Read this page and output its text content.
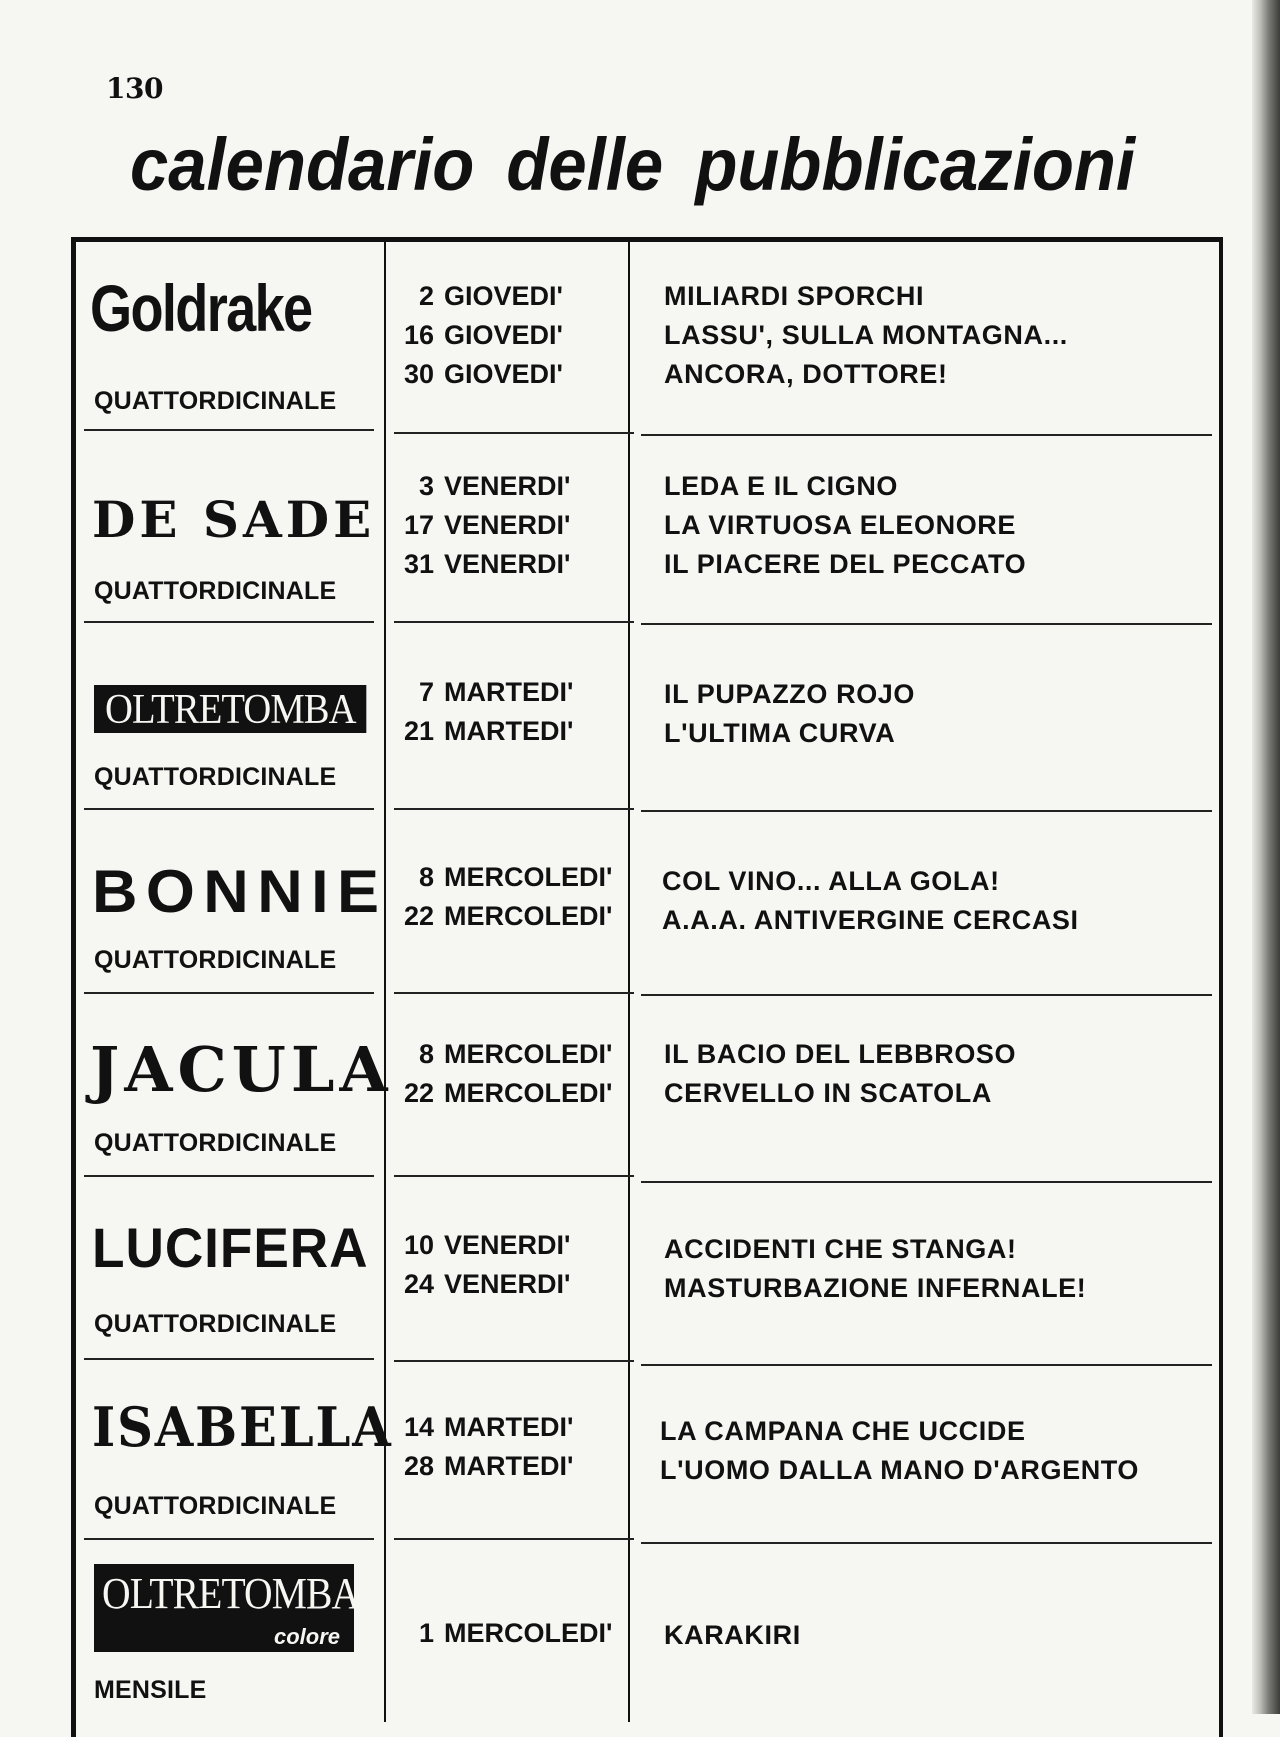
130
calendario delle pubblicazioni
Goldrake
QUATTORDICINALE
2 GIOVEDI'
16 GIOVEDI'
30 GIOVEDI'
MILIARDI SPORCHI
LASSU', SULLA MONTAGNA...
ANCORA, DOTTORE!
DE SADE
QUATTORDICINALE
3 VENERDI'
17 VENERDI'
31 VENERDI'
LEDA E IL CIGNO
LA VIRTUOSA ELEONORE
IL PIACERE DEL PECCATO
OLTRETOMBA
QUATTORDICINALE
7 MARTEDI'
21 MARTEDI'
IL PUPAZZO ROJO
L'ULTIMA CURVA
BONNIE
QUATTORDICINALE
8 MERCOLEDI'
22 MERCOLEDI'
COL VINO... ALLA GOLA!
A.A.A. ANTIVERGINE CERCASI
JACULA
QUATTORDICINALE
8 MERCOLEDI'
22 MERCOLEDI'
IL BACIO DEL LEBBROSO
CERVELLO IN SCATOLA
LUCIFERA
QUATTORDICINALE
10 VENERDI'
24 VENERDI'
ACCIDENTI CHE STANGA!
MASTURBAZIONE INFERNALE!
ISABELLA
QUATTORDICINALE
14 MARTEDI'
28 MARTEDI'
LA CAMPANA CHE UCCIDE
L'UOMO DALLA MANO D'ARGENTO
OLTRETOMBA
colore
MENSILE
1 MERCOLEDI'	KARAKIRI
